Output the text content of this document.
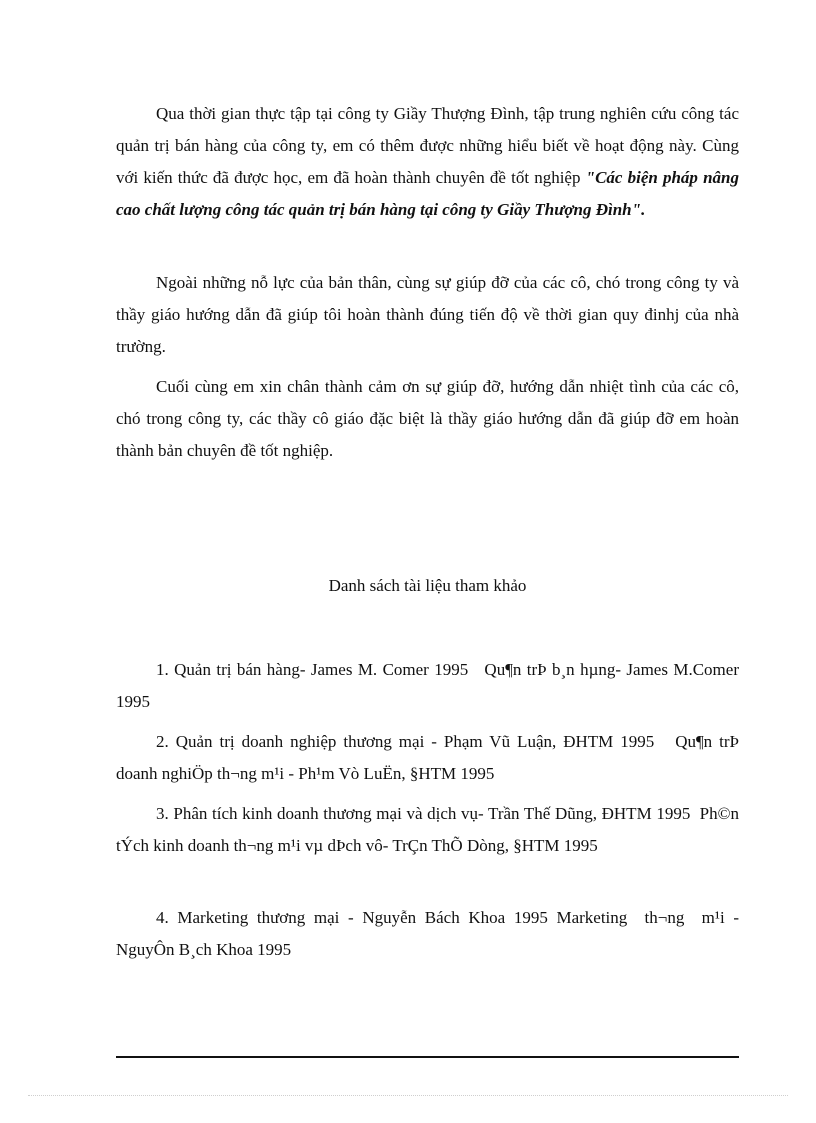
Qua thời gian thực tập tại công ty Giầy Thượng Đình, tập trung nghiên cứu công tác quản trị bán hàng của công ty, em có thêm được những hiểu biết về hoạt động này. Cùng với kiến thức đã được học, em đã hoàn thành chuyên đề tốt nghiệp "Các biện pháp nâng cao chất lượng công tác quản trị bán hàng tại công ty Giầy Thượng Đình".

Ngoài những nỗ lực của bản thân, cùng sự giúp đỡ của các cô, chó trong công ty và thầy giáo hướng dẫn đã giúp tôi hoàn thành đúng tiến độ về thời gian quy đinhj của nhà trường.

Cuối cùng em xin chân thành cảm ơn sự giúp đỡ, hướng dẫn nhiệt tình của các cô, chó trong công ty, các thầy cô giáo đặc biệt là thầy giáo hướng dẫn đã giúp đỡ em hoàn thành bản chuyên đề tốt nghiệp.

Danh sách tài liệu tham khảo

1. Quản trị bán hàng- James M. Comer 1995   Qu¶n trÞ b¸n hµng- James M.Comer 1995

2. Quản trị doanh nghiệp thương mại - Phạm Vũ Luận, ĐHTM 1995   Qu¶n trÞ doanh nghiÖp th¬ng m¹i - Ph¹m Vò LuËn, §HTM 1995

3. Phân tích kinh doanh thương mại và dịch vụ- Trần Thế Dũng, ĐHTM 1995  Ph©n tÝch kinh doanh th¬ng m¹i vµ dÞch vô- TrÇn ThÕ Dòng, §HTM 1995

4. Marketing thương mại - Nguyễn Bách Khoa 1995 Marketing  th¬ng  m¹i - NguyÔn B¸ch Khoa 1995
